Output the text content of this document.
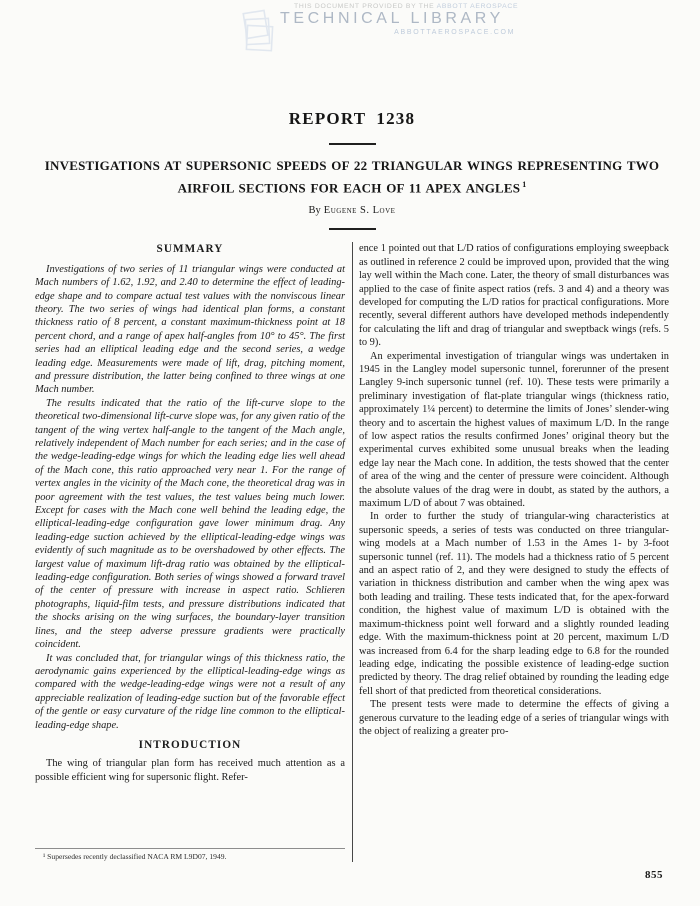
THIS DOCUMENT PROVIDED BY THE ABBOTT AEROSPACE
TECHNICAL LIBRARY
ABBOTTAEROSPACE.COM
REPORT 1238
INVESTIGATIONS AT SUPERSONIC SPEEDS OF 22 TRIANGULAR WINGS REPRESENTING TWO
AIRFOIL SECTIONS FOR EACH OF 11 APEX ANGLES $^1$
By Eugene S. Love
SUMMARY

Investigations of two series of 11 triangular wings were conducted at Mach numbers of 1.62, 1.92, and 2.40 to determine the effect of leading-edge shape and to compare actual test values with the nonviscous linear theory. The two series of wings had identical plan forms, a constant thickness ratio of 8 percent, a constant maximum-thickness point at 18 percent chord, and a range of apex half-angles from 10° to 45°. The first series had an elliptical leading edge and the second series, a wedge leading edge. Measurements were made of lift, drag, pitching moment, and pressure distribution, the latter being confined to three wings at one Mach number.

The results indicated that the ratio of the lift-curve slope to the theoretical two-dimensional lift-curve slope was, for any given ratio of the tangent of the wing vertex half-angle to the tangent of the Mach angle, relatively independent of Mach number for each series; and in the case of the wedge-leading-edge wings for which the leading edge lies well ahead of the Mach cone, this ratio approached very near 1. For the range of vertex angles in the vicinity of the Mach cone, the theoretical drag was in poor agreement with the test values, the test values being much lower. Except for cases with the Mach cone well behind the leading edge, the elliptical-leading-edge configuration gave lower minimum drag. Any leading-edge suction achieved by the elliptical-leading-edge wings was evidently of such magnitude as to be overshadowed by other effects. The largest value of maximum lift-drag ratio was obtained by the elliptical-leading-edge configuration. Both series of wings showed a forward travel of the center of pressure with increase in aspect ratio. Schlieren photographs, liquid-film tests, and pressure distributions indicated that the shocks arising on the wing surfaces, the boundary-layer transition lines, and the steep adverse pressure gradients were practically coincident.

It was concluded that, for triangular wings of this thickness ratio, the aerodynamic gains experienced by the elliptical-leading-edge wings as compared with the wedge-leading-edge wings were not a result of any appreciable realization of leading-edge suction but of the favorable effect of the gentle or easy curvature of the ridge line common to the elliptical-leading-edge shape.

INTRODUCTION

The wing of triangular plan form has received much attention as a possible efficient wing for supersonic flight. Refer-

¹ Supersedes recently declassified NACA RM L9D07, 1949.

ence 1 pointed out that L/D ratios of configurations employing sweepback as outlined in reference 2 could be improved upon, provided that the wing lay well within the Mach cone. Later, the theory of small disturbances was applied to the case of finite aspect ratios (refs. 3 and 4) and a theory was developed for computing the L/D ratios for practical configurations. More recently, several different authors have developed methods independently for calculating the lift and drag of triangular and sweptback wings (refs. 5 to 9).

An experimental investigation of triangular wings was undertaken in 1945 in the Langley model supersonic tunnel, forerunner of the present Langley 9-inch supersonic tunnel (ref. 10). These tests were primarily a preliminary investigation of flat-plate triangular wings (thickness ratio, approximately 1¼ percent) to determine the limits of Jones’ slender-wing theory and to ascertain the highest values of maximum L/D. In the range of low aspect ratios the results confirmed Jones’ original theory but the experimental curves exhibited some unusual breaks when the leading edge lay near the Mach cone. In addition, the tests showed that the center of area of the wing and the center of pressure were coincident. Although the absolute values of the drag were in doubt, as stated by the authors, a maximum L/D of about 7 was obtained.

In order to further the study of triangular-wing characteristics at supersonic speeds, a series of tests was conducted on three triangular-wing models at a Mach number of 1.53 in the Ames 1- by 3-foot supersonic tunnel (ref. 11). The models had a thickness ratio of 5 percent and an aspect ratio of 2, and they were designed to study the effects of variation in thickness distribution and camber when the wing apex was both leading and trailing. These tests indicated that, for the apex-forward condition, the highest value of maximum L/D is obtained with the maximum-thickness point well forward and a slightly rounded leading edge. With the maximum-thickness point at 20 percent, maximum L/D was increased from 6.4 for the sharp leading edge to 6.8 for the rounded leading edge, indicating the possible existence of leading-edge suction predicted by theory. The drag relief obtained by rounding the leading edge fell short of that predicted from theoretical considerations.

The present tests were made to determine the effects of giving a generous curvature to the leading edge of a series of triangular wings with the object of realizing a greater pro-

855
